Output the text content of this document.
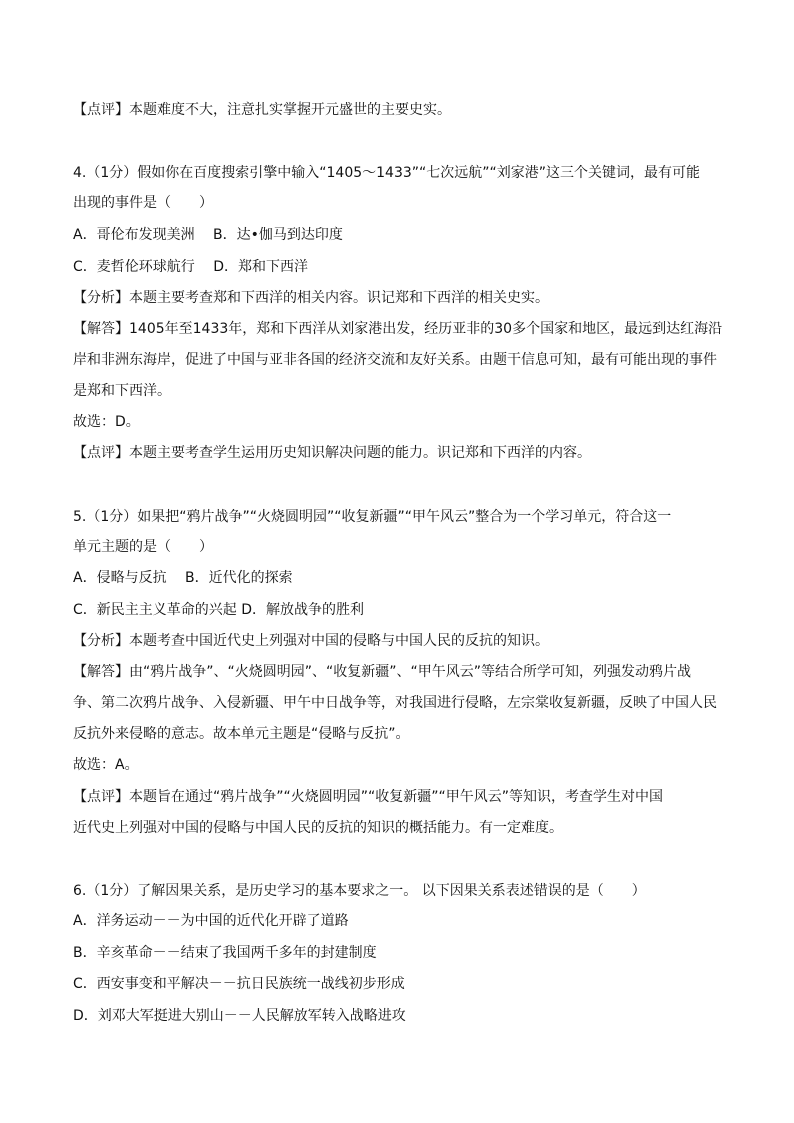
【点评】本题难度不大，注意扎实掌握开元盛世的主要史实。
4.（1分）假如你在百度搜索引擎中输入“1405～1433”“七次远航”“刘家港”这三个关键词，最有可能
出现的事件是（　　）
A．哥伦布发现美洲　 B．达•伽马到达印度
C．麦哲伦环球航行　 D．郑和下西洋
【分析】本题主要考查郑和下西洋的相关内容。识记郑和下西洋的相关史实。
【解答】1405年至1433年，郑和下西洋从刘家港出发，经历亚非的30多个国家和地区，最远到达红海沿
岸和非洲东海岸，促进了中国与亚非各国的经济交流和友好关系。由题干信息可知，最有可能出现的事件
是郑和下西洋。
故选：D。
【点评】本题主要考查学生运用历史知识解决问题的能力。识记郑和下西洋的内容。
5.（1分）如果把“鸦片战争”“火烧圆明园”“收复新疆”“甲午风云”整合为一个学习单元，符合这一
单元主题的是（　　）
A．侵略与反抗　 B．近代化的探索
C．新民主主义革命的兴起 D．解放战争的胜利
【分析】本题考查中国近代史上列强对中国的侵略与中国人民的反抗的知识。
【解答】由“鸦片战争”、“火烧圆明园”、“收复新疆”、“甲午风云”等结合所学可知，列强发动鸦片战
争、第二次鸦片战争、入侵新疆、甲午中日战争等，对我国进行侵略，左宗棠收复新疆，反映了中国人民
反抗外来侵略的意志。故本单元主题是“侵略与反抗”。
故选：A。
【点评】本题旨在通过“鸦片战争”“火烧圆明园”“收复新疆”“甲午风云”等知识，考查学生对中国
近代史上列强对中国的侵略与中国人民的反抗的知识的概括能力。有一定难度。
6.（1分）了解因果关系，是历史学习的基本要求之一。 以下因果关系表述错误的是（　　）
A．洋务运动－－为中国的近代化开辟了道路
B．辛亥革命－－结束了我国两千多年的封建制度
C．西安事变和平解决－－抗日民族统一战线初步形成
D．刘邓大军挺进大别山－－人民解放军转入战略进攻
